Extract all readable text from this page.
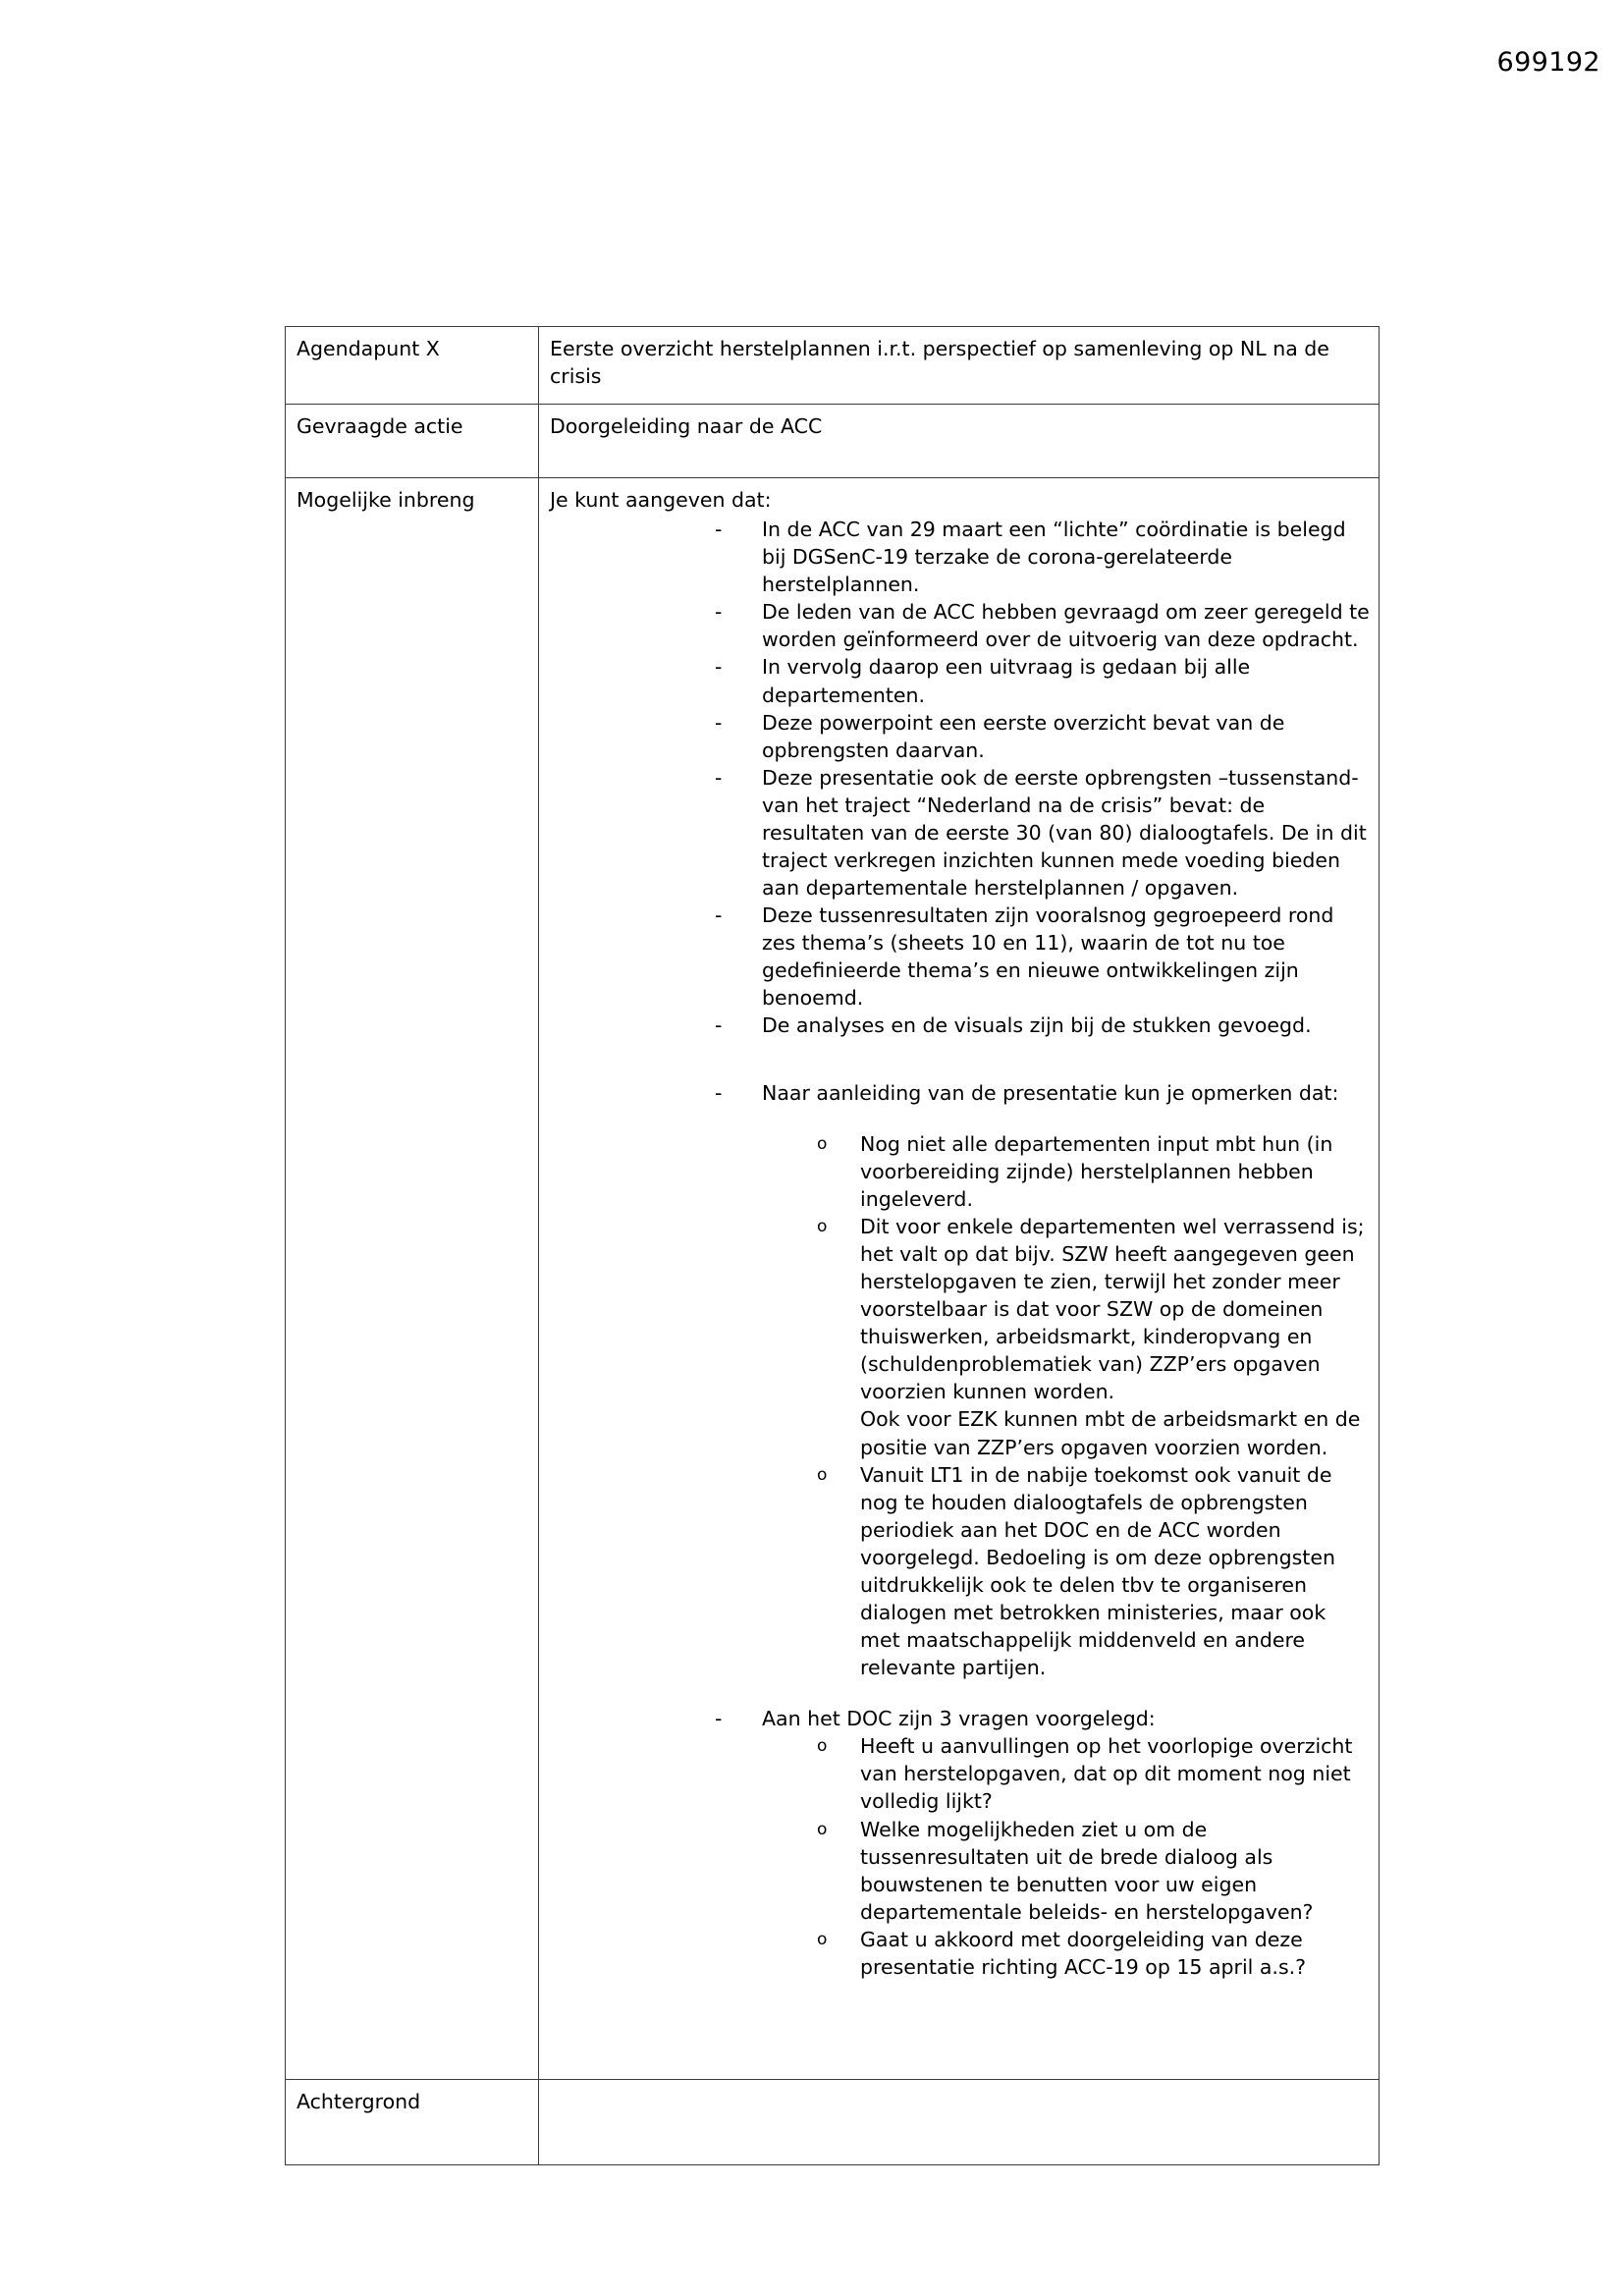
699192
Agendapunt X	Eerste overzicht herstelplannen i.r.t. perspectief op samenleving op NL na de crisis

Gevraagde actie	Doorgeleiding naar de ACC

Mogelijke inbreng	Je kunt aangeven dat:
-	In de ACC van 29 maart een “lichte” coördinatie is belegd bij DGSenC-19 terzake de corona-gerelateerde herstelplannen.
-	De leden van de ACC hebben gevraagd om zeer geregeld te worden geïnformeerd over de uitvoerig van deze opdracht.
-	In vervolg daarop een uitvraag is gedaan bij alle departementen.
-	Deze powerpoint een eerste overzicht bevat van de opbrengsten daarvan.
-	Deze presentatie ook de eerste opbrengsten –tussenstand- van het traject “Nederland na de crisis” bevat: de resultaten van de eerste 30 (van 80) dialoogtafels. De in dit traject verkregen inzichten kunnen mede voeding bieden aan departementale herstelplannen / opgaven.
-	Deze tussenresultaten zijn vooralsnog gegroepeerd rond zes thema’s (sheets 10 en 11), waarin de tot nu toe gedefinieerde thema’s en nieuwe ontwikkelingen zijn benoemd.
-	De analyses en de visuals zijn bij de stukken gevoegd.
-	Naar aanleiding van de presentatie kun je opmerken dat:
o Nog niet alle departementen input mbt hun (in voorbereiding zijnde) herstelplannen hebben ingeleverd.
o Dit voor enkele departementen wel verrassend is; het valt op dat bijv. SZW heeft aangegeven geen herstelopgaven te zien, terwijl het zonder meer voorstelbaar is dat voor SZW op de domeinen thuiswerken, arbeidsmarkt, kinderopvang en (schuldenproblematiek van) ZZP’ers opgaven voorzien kunnen worden.
Ook voor EZK kunnen mbt de arbeidsmarkt en de positie van ZZP’ers opgaven voorzien worden.
o Vanuit LT1 in de nabije toekomst ook vanuit de nog te houden dialoogtafels de opbrengsten periodiek aan het DOC en de ACC worden voorgelegd. Bedoeling is om deze opbrengsten uitdrukkelijk ook te delen tbv te organiseren dialogen met betrokken ministeries, maar ook met maatschappelijk middenveld en andere relevante partijen.
-	Aan het DOC zijn 3 vragen voorgelegd:
o Heeft u aanvullingen op het voorlopige overzicht van herstelopgaven, dat op dit moment nog niet volledig lijkt?
o Welke mogelijkheden ziet u om de tussenresultaten uit de brede dialoog als bouwstenen te benutten voor uw eigen departementale beleids- en herstelopgaven?
o Gaat u akkoord met doorgeleiding van deze presentatie richting ACC-19 op 15 april a.s.?

Achtergrond	
